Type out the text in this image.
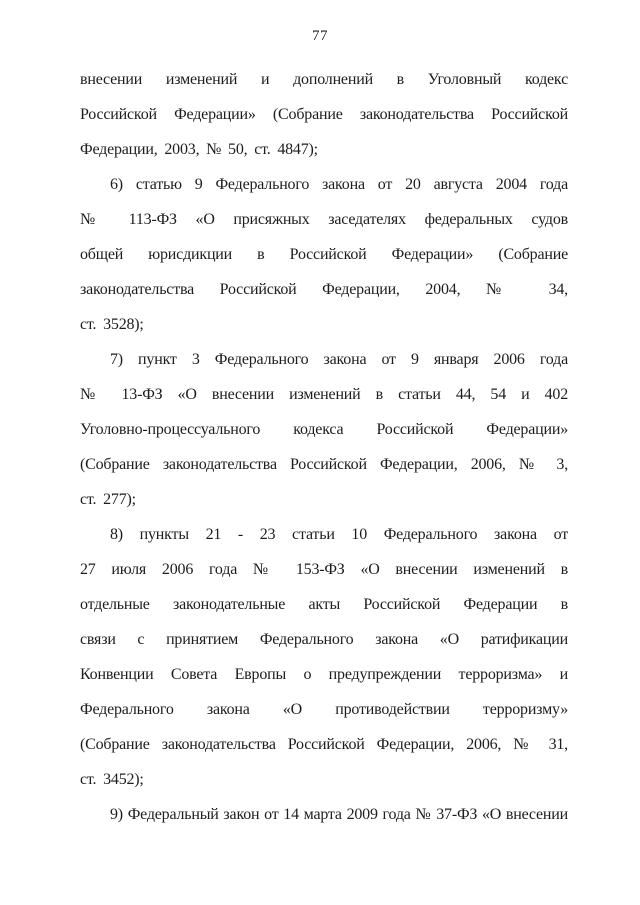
77
внесении изменений и дополнений в Уголовный кодекс
Российской Федерации» (Собрание законодательства Российской
Федерации, 2003, № 50, ст. 4847);
6) статью 9 Федерального закона от 20 августа 2004 года
№ 113-ФЗ «О присяжных заседателях федеральных судов
общей юрисдикции в Российской Федерации» (Собрание
законодательства Российской Федерации, 2004, № 34,
ст. 3528);
7) пункт 3 Федерального закона от 9 января 2006 года
№ 13-ФЗ «О внесении изменений в статьи 44, 54 и 402
Уголовно-процессуального кодекса Российской Федерации»
(Собрание законодательства Российской Федерации, 2006, № 3,
ст. 277);
8) пункты 21 - 23 статьи 10 Федерального закона от
27 июля 2006 года № 153-ФЗ «О внесении изменений в
отдельные законодательные акты Российской Федерации в
связи с принятием Федерального закона «О ратификации
Конвенции Совета Европы о предупреждении терроризма» и
Федерального закона «О противодействии терроризму»
(Собрание законодательства Российской Федерации, 2006, № 31,
ст. 3452);
9) Федеральный закон от 14 марта 2009 года № 37-ФЗ «О внесении
